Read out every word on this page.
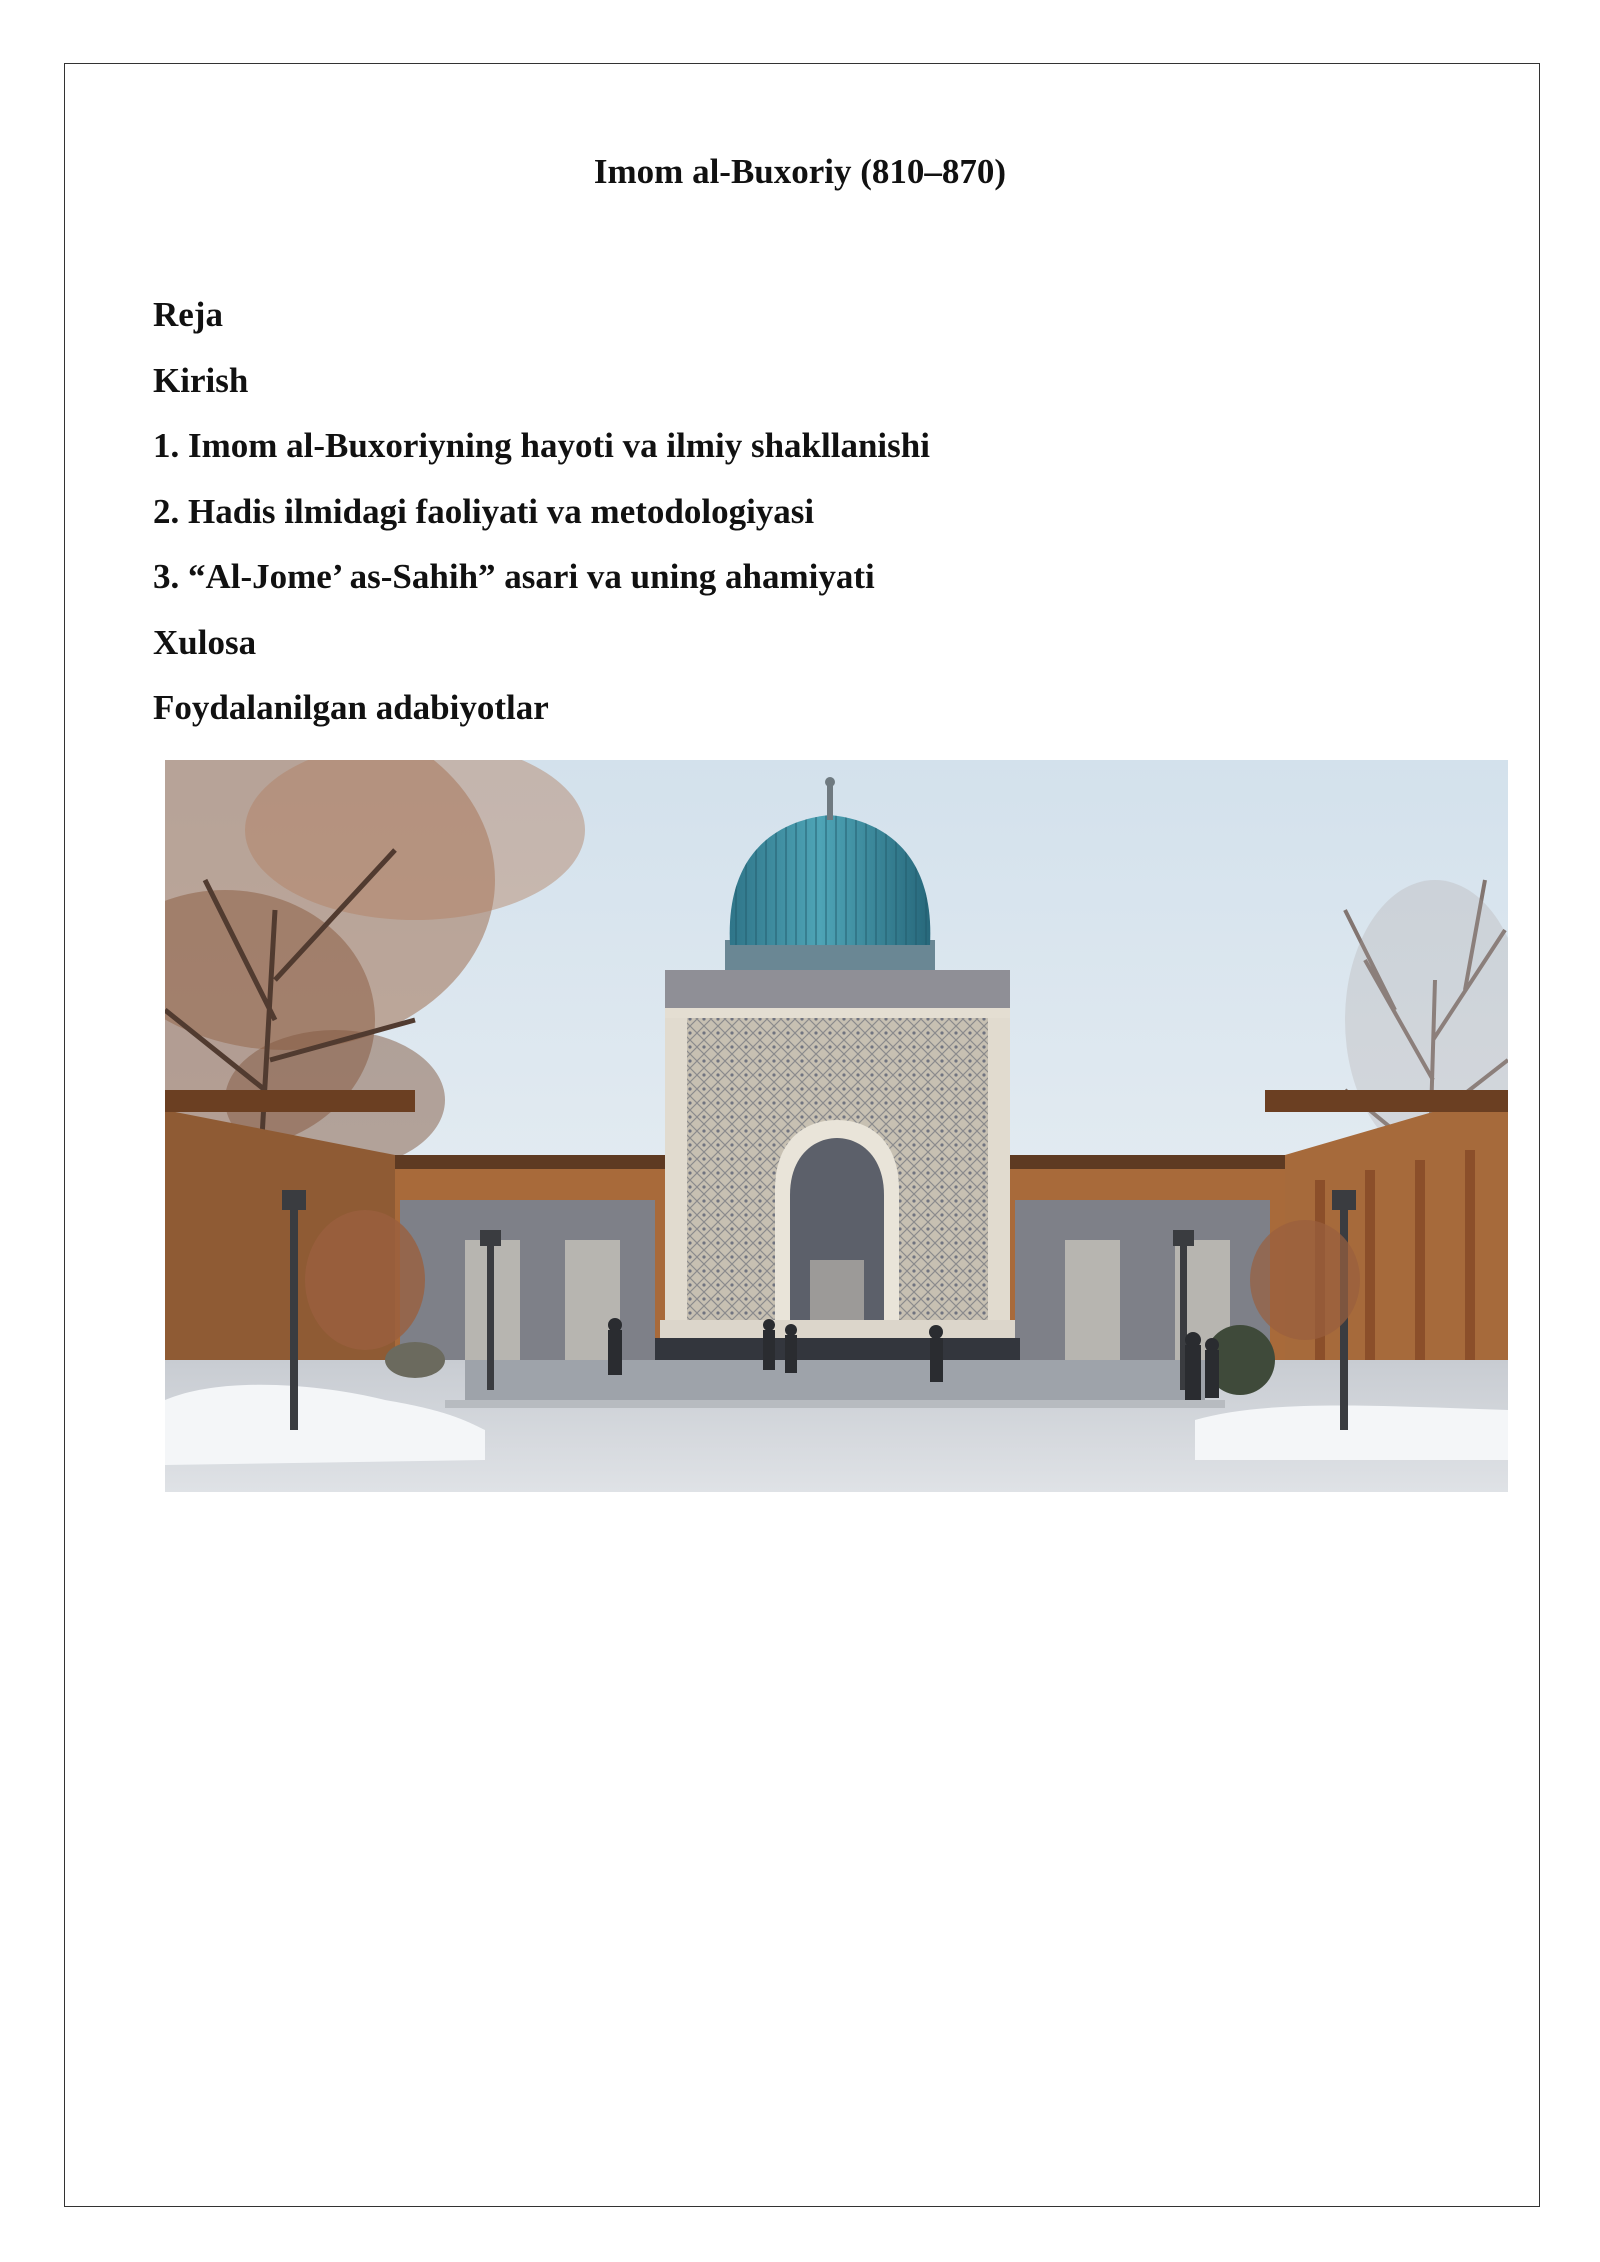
Imom al-Buxoriy (810–870)
Reja
Kirish
1. Imom al-Buxoriyning hayoti va ilmiy shakllanishi
2. Hadis ilmidagi faoliyati va metodologiyasi
3. “Al-Jome’ as-Sahih” asari va uning ahamiyati
Xulosa
Foydalanilgan adabiyotlar
